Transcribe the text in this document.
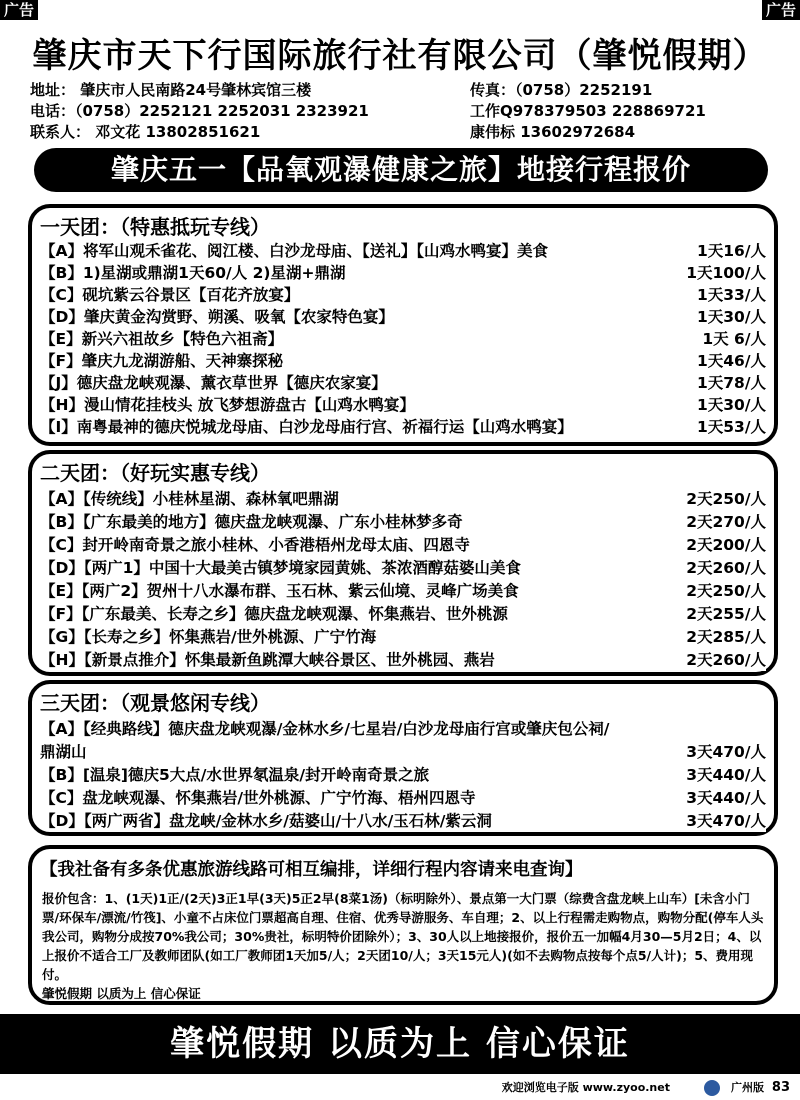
广告	广告
肇庆市天下行国际旅行社有限公司（肇悦假期）
地址： 肇庆市人民南路24号肇林宾馆三楼	传真：（0758）2252191
电话：（0758）2252121 2252031 2323921	工作Q978379503 228869721
联系人： 邓文花 13802851621	康伟标 13602972684
肇庆五一【品氧观瀑健康之旅】地接行程报价
一天团：（特惠抵玩专线）
【A】将军山观禾雀花、阅江楼、白沙龙母庙、【送礼】【山鸡水鸭宴】美食	1天16/人
【B】1)星湖或鼎湖1天60/人 2)星湖+鼎湖	1天100/人
【C】砚坑紫云谷景区【百花齐放宴】	1天33/人
【D】肇庆黄金沟赏野、朔溪、吸氧【农家特色宴】	1天30/人
【E】新兴六祖故乡【特色六祖斋】	1天 6/人
【F】肇庆九龙湖游船、天神寨探秘	1天46/人
【J】德庆盘龙峡观瀑、薰衣草世界【德庆农家宴】	1天78/人
【H】漫山情花挂枝头 放飞梦想游盘古【山鸡水鸭宴】	1天30/人
【I】南粤最神的德庆悦城龙母庙、白沙龙母庙行宫、祈福行运【山鸡水鸭宴】	1天53/人
二天团：（好玩实惠专线）
【A】【传统线】小桂林星湖、森林氧吧鼎湖	2天250/人
【B】【广东最美的地方】德庆盘龙峡观瀑、广东小桂林梦多奇	2天270/人
【C】封开岭南奇景之旅小桂林、小香港梧州龙母太庙、四恩寺	2天200/人
【D】【两广1】中国十大最美古镇梦境家园黄姚、茶浓酒醇菇婆山美食	2天260/人
【E】【两广2】贺州十八水瀑布群、玉石林、紫云仙境、灵峰广场美食	2天250/人
【F】【广东最美、长寿之乡】德庆盘龙峡观瀑、怀集燕岩、世外桃源	2天255/人
【G】【长寿之乡】怀集燕岩/世外桃源、广宁竹海	2天285/人
【H】【新景点推介】怀集最新鱼跳潭大峡谷景区、世外桃园、燕岩	2天260/人
三天团：（观景悠闲专线）
【A】【经典路线】德庆盘龙峡观瀑/金林水乡/七星岩/白沙龙母庙行宫或肇庆包公祠/
鼎湖山	3天470/人
【B】[温泉]德庆5大点/水世界氡温泉/封开岭南奇景之旅	3天440/人
【C】盘龙峡观瀑、怀集燕岩/世外桃源、广宁竹海、梧州四恩寺	3天440/人
【D】【两广两省】盘龙峡/金林水乡/菇婆山/十八水/玉石林/紫云洞	3天470/人
【我社备有多条优惠旅游线路可相互编排，详细行程内容请来电查询】
报价包含：1、(1天)1正/(2天)3正1早(3天)5正2早(8菜1汤)（标明除外）、景点第一大门票（综费含盘龙峡上山车）[未含小门票/环保车/漂流/竹筏]、小童不占床位门票超高自理、住宿、优秀导游服务、车自理；2、以上行程需走购物点，购物分配(停车人头我公司，购物分成按70%我公司；30%贵社，标明特价团除外）；3、30人以上地接报价，报价五一加幅4月30—5月2日；4、以上报价不适合工厂及教师团队(如工厂教师团1天加5/人；2天团10/人；3天15元人)(如不去购物点按每个点5/人计)；5、费用现付。
肇悦假期 以质为上 信心保证
肇悦假期 以质为上 信心保证
欢迎浏览电子版 www.zyoo.net	广州版 83
